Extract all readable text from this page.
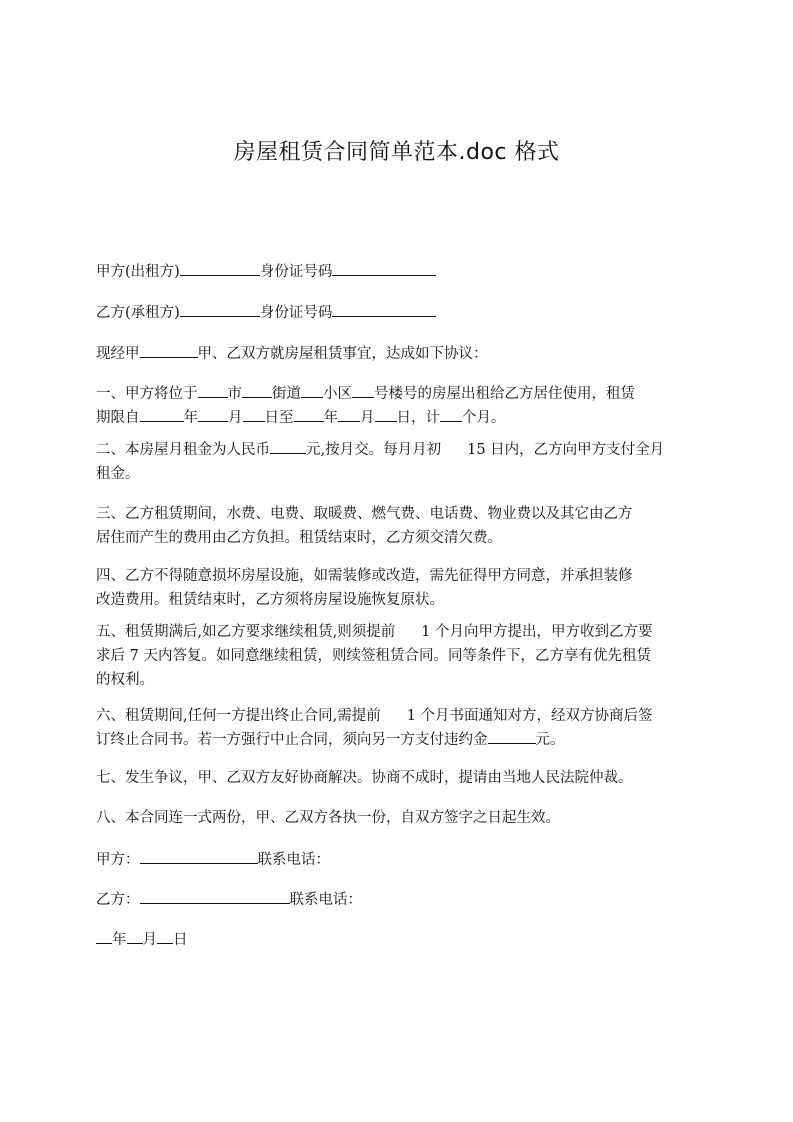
房屋租赁合同简单范本.doc 格式
甲方(出租方)	身份证号码
乙方(承租方)	身份证号码
现经甲	甲、乙双方就房屋租赁事宜，达成如下协议：
一、甲方将位于 市 街道 小区 号楼号的房屋出租给乙方居住使用，租赁
期限自	年 月 日至 年 月 日，计 个月。
二、本房屋月租金为人民币 元,按月交。每月月初 15 日内，乙方向甲方支付全月
租金。
三、乙方租赁期间，水费、电费、取暖费、燃气费、电话费、物业费以及其它由乙方
居住而产生的费用由乙方负担。租赁结束时，乙方须交清欠费。
四、乙方不得随意损坏房屋设施，如需装修或改造，需先征得甲方同意，并承担装修
改造费用。租赁结束时，乙方须将房屋设施恢复原状。
五、租赁期满后,如乙方要求继续租赁,则须提前 1 个月向甲方提出，甲方收到乙方要
求后 7 天内答复。如同意继续租赁，则续签租赁合同。同等条件下，乙方享有优先租赁
的权利。
六、租赁期间,任何一方提出终止合同,需提前 1 个月书面通知对方，经双方协商后签
订终止合同书。若一方强行中止合同，须向另一方支付违约金	元。
七、发生争议，甲、乙双方友好协商解决。协商不成时，提请由当地人民法院仲裁。
八、本合同连一式两份，甲、乙双方各执一份，自双方签字之日起生效。
甲方：	联系电话：
乙方：	联系电话：
年 月 日
